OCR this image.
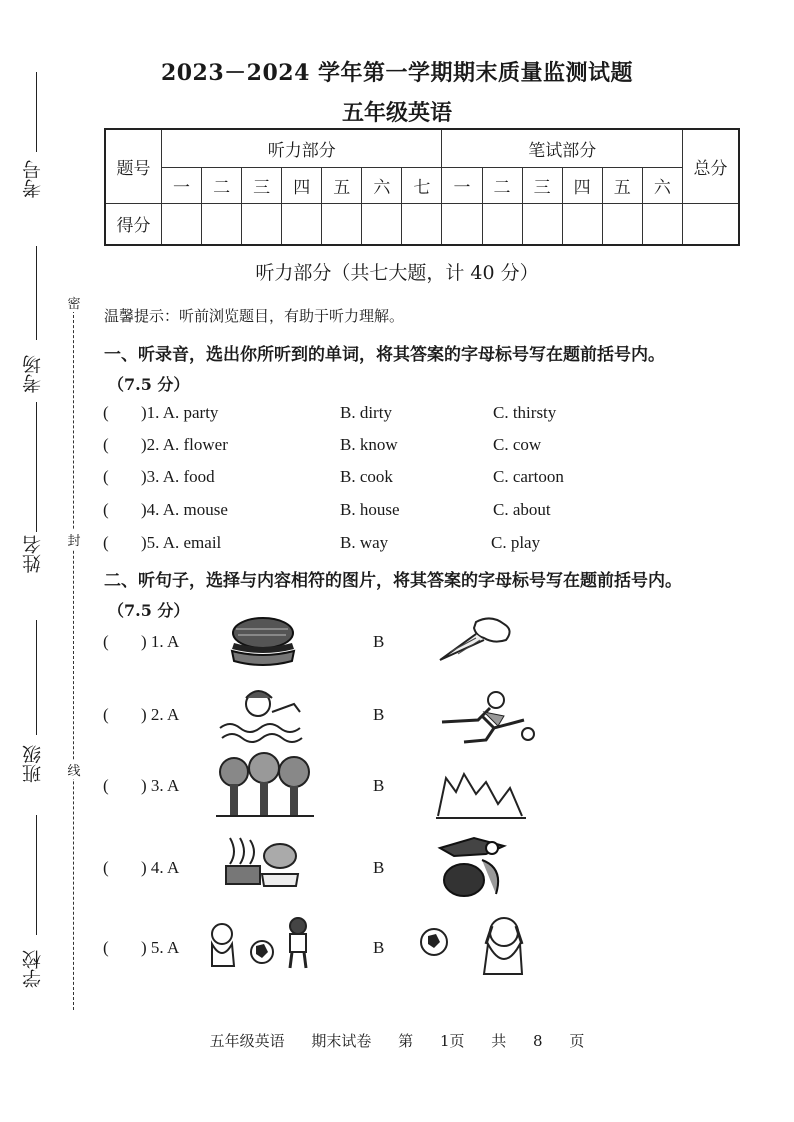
考号
考场
姓名
班级
学校
密
封
线
2023－2024 学年第一学期期末质量监测试题
五年级英语
题号	听力部分							笔试部分						总分
	一	二	三	四	五	六	七	一	二	三	四	五	六	
得分														
听力部分（共七大题，计 40 分）
温馨提示：听前浏览题目，有助于听力理解。
一、听录音，选出你所听到的单词，将其答案的字母标号写在题前括号内。
（7.5 分）
( )1. A. party	B. dirty	C. thirsty
( )2. A. flower	B. know	C. cow
( )3. A. food	B. cook	C. cartoon
( )4. A. mouse	B. house	C. about
( )5. A. email	B. way	C. play
二、听句子，选择与内容相符的图片，将其答案的字母标号写在题前括号内。
（7.5 分）
( ) 1. A	B
( ) 2. A	B
( ) 3. A	B
( ) 4. A	B
( ) 5. A	B
五年级英语 期末试卷 第 1页 共 8 页
